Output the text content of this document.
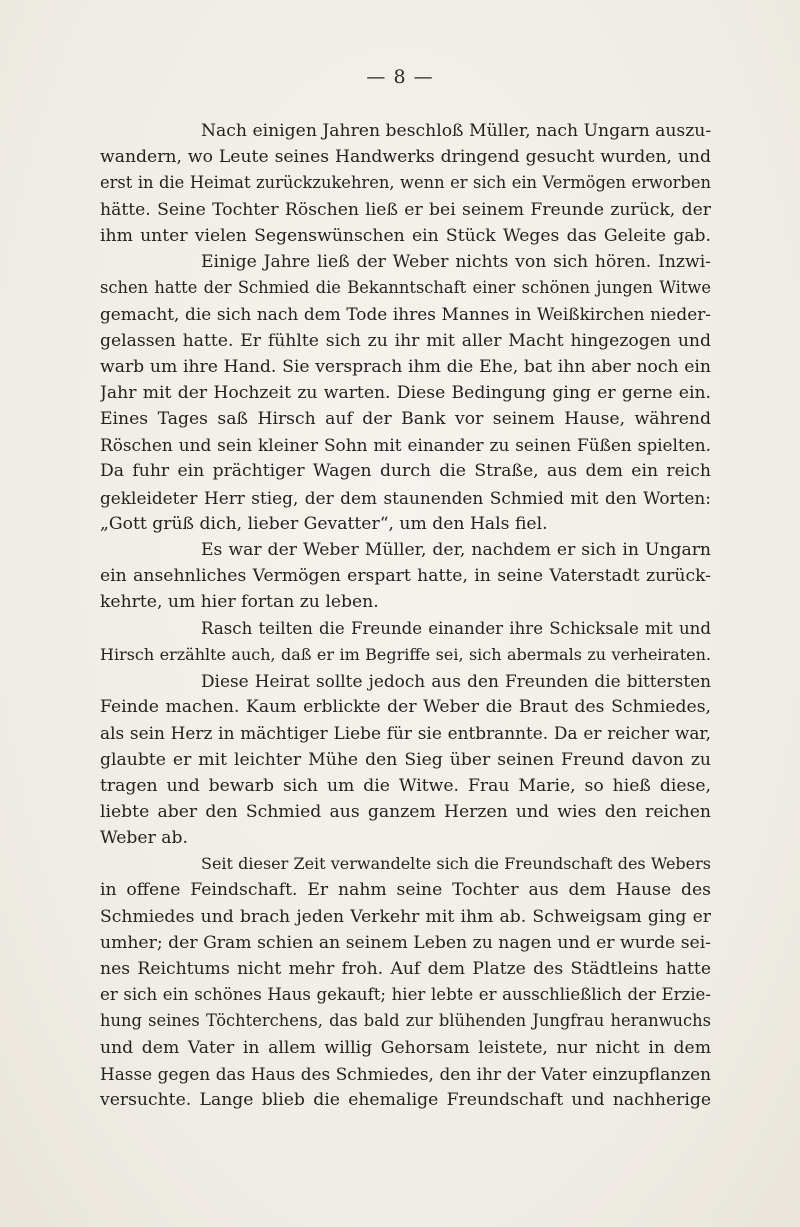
— 8 —
Nach einigen Jahren beschloß Müller, nach Ungarn auszu-
wandern, wo Leute seines Handwerks dringend gesucht wurden, und
erst in die Heimat zurückzukehren, wenn er sich ein Vermögen erworben
hätte. Seine Tochter Röschen ließ er bei seinem Freunde zurück, der
ihm unter vielen Segenswünschen ein Stück Weges das Geleite gab.
Einige Jahre ließ der Weber nichts von sich hören. Inzwi-
schen hatte der Schmied die Bekanntschaft einer schönen jungen Witwe
gemacht, die sich nach dem Tode ihres Mannes in Weißkirchen nieder-
gelassen hatte. Er fühlte sich zu ihr mit aller Macht hingezogen und
warb um ihre Hand. Sie versprach ihm die Ehe, bat ihn aber noch ein
Jahr mit der Hochzeit zu warten. Diese Bedingung ging er gerne ein.
Eines Tages saß Hirsch auf der Bank vor seinem Hause, während
Röschen und sein kleiner Sohn mit einander zu seinen Füßen spielten.
Da fuhr ein prächtiger Wagen durch die Straße, aus dem ein reich
gekleideter Herr stieg, der dem staunenden Schmied mit den Worten:
„Gott grüß dich, lieber Gevatter“, um den Hals fiel.
Es war der Weber Müller, der, nachdem er sich in Ungarn
ein ansehnliches Vermögen erspart hatte, in seine Vaterstadt zurück-
kehrte, um hier fortan zu leben.
Rasch teilten die Freunde einander ihre Schicksale mit und
Hirsch erzählte auch, daß er im Begriffe sei, sich abermals zu verheiraten.
Diese Heirat sollte jedoch aus den Freunden die bittersten
Feinde machen. Kaum erblickte der Weber die Braut des Schmiedes,
als sein Herz in mächtiger Liebe für sie entbrannte. Da er reicher war,
glaubte er mit leichter Mühe den Sieg über seinen Freund davon zu
tragen und bewarb sich um die Witwe. Frau Marie, so hieß diese,
liebte aber den Schmied aus ganzem Herzen und wies den reichen
Weber ab.
Seit dieser Zeit verwandelte sich die Freundschaft des Webers
in offene Feindschaft. Er nahm seine Tochter aus dem Hause des
Schmiedes und brach jeden Verkehr mit ihm ab. Schweigsam ging er
umher; der Gram schien an seinem Leben zu nagen und er wurde sei-
nes Reichtums nicht mehr froh. Auf dem Platze des Städtleins hatte
er sich ein schönes Haus gekauft; hier lebte er ausschließlich der Erzie-
hung seines Töchterchens, das bald zur blühenden Jungfrau heranwuchs
und dem Vater in allem willig Gehorsam leistete, nur nicht in dem
Hasse gegen das Haus des Schmiedes, den ihr der Vater einzupflanzen
versuchte. Lange blieb die ehemalige Freundschaft und nachherige
